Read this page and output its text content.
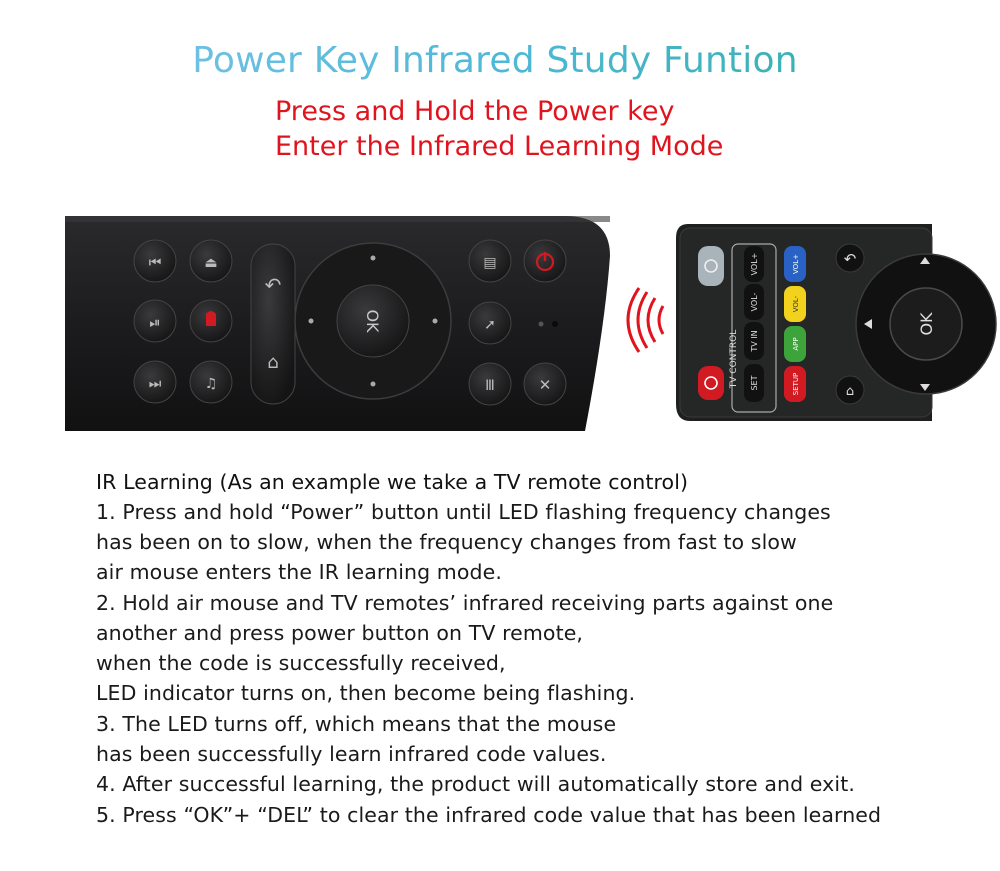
Power Key Infrared Study Funtion
Press and Hold the Power key
Enter the Infrared Learning Mode
⏮	⏏
⏯
⏭	♫
↶
⌂
OK
▤
➚
Ⅲ	✕	TV CONTROL SET
TV IN
VOL-
VOL+
SETUP
APP
VOL-
VOL+	↶
⌂
OK
IR Learning (As an example we take a TV remote control)
1. Press and hold “Power” button until LED flashing frequency changes
has been on to slow, when the frequency changes from fast to slow
air mouse enters the IR learning mode.
2. Hold air mouse and TV remotes’ infrared receiving parts against one
another and press power button on TV remote,
when the code is successfully received,
LED indicator turns on, then become being flashing.
3. The LED turns off, which means that the mouse
has been successfully learn infrared code values.
4. After successful learning, the product will automatically store and exit.
5. Press “OK”+ “DEL” to clear the infrared code value that has been learned
